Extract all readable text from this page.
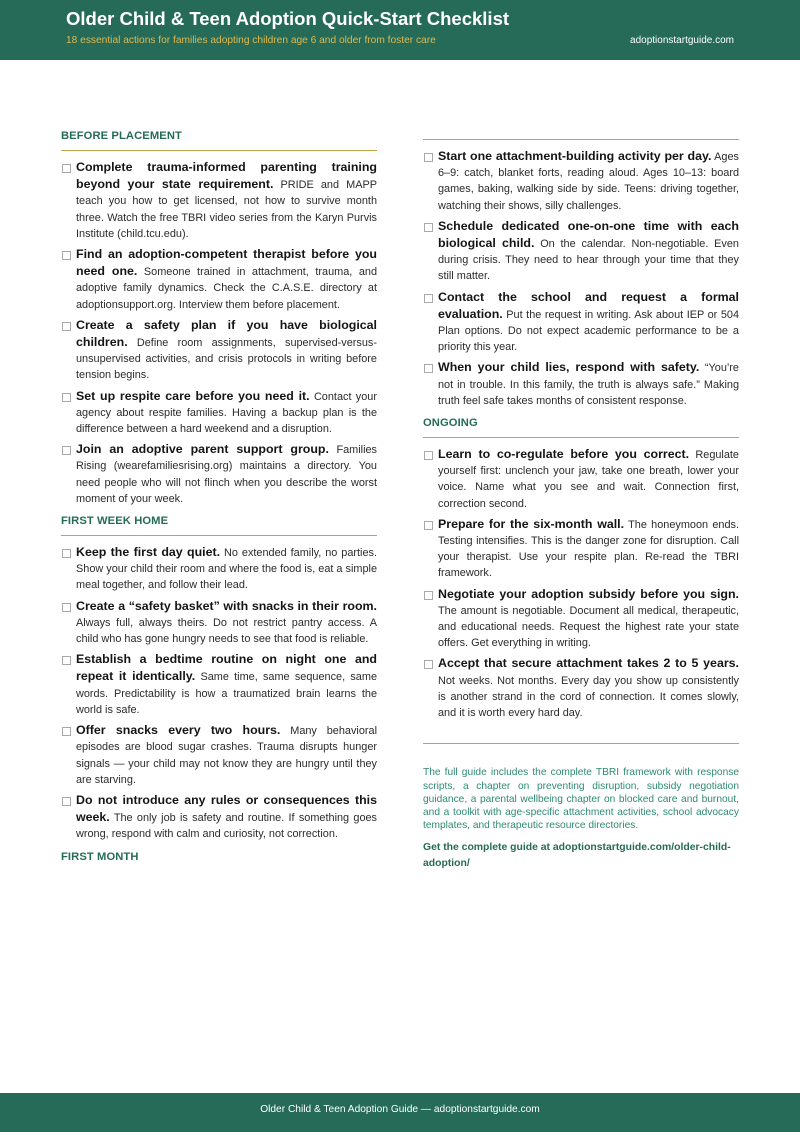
Older Child & Teen Adoption Quick-Start Checklist
18 essential actions for families adopting children age 6 and older from foster care	adoptionstartguide.com
BEFORE PLACEMENT
Complete trauma-informed parenting training beyond your state requirement. PRIDE and MAPP teach you how to get licensed, not how to survive month three. Watch the free TBRI video series from the Karyn Purvis Institute (child.tcu.edu).
Find an adoption-competent therapist before you need one. Someone trained in attachment, trauma, and adoptive family dynamics. Check the C.A.S.E. directory at adoptionsupport.org. Interview them before placement.
Create a safety plan if you have biological children. Define room assignments, supervised-versus-unsupervised activities, and crisis protocols in writing before tension begins.
Set up respite care before you need it. Contact your agency about respite families. Having a backup plan is the difference between a hard weekend and a disruption.
Join an adoptive parent support group. Families Rising (wearefamiliesrising.org) maintains a directory. You need people who will not flinch when you describe the worst moment of your week.
FIRST WEEK HOME
Keep the first day quiet. No extended family, no parties. Show your child their room and where the food is, eat a simple meal together, and follow their lead.
Create a “safety basket” with snacks in their room. Always full, always theirs. Do not restrict pantry access. A child who has gone hungry needs to see that food is reliable.
Establish a bedtime routine on night one and repeat it identically. Same time, same sequence, same words. Predictability is how a traumatized brain learns the world is safe.
Offer snacks every two hours. Many behavioral episodes are blood sugar crashes. Trauma disrupts hunger signals — your child may not know they are hungry until they are starving.
Do not introduce any rules or consequences this week. The only job is safety and routine. If something goes wrong, respond with calm and curiosity, not correction.
FIRST MONTH
Start one attachment-building activity per day. Ages 6–9: catch, blanket forts, reading aloud. Ages 10–13: board games, baking, walking side by side. Teens: driving together, watching their shows, silly challenges.
Schedule dedicated one-on-one time with each biological child. On the calendar. Non-negotiable. Even during crisis. They need to hear through your time that they still matter.
Contact the school and request a formal evaluation. Put the request in writing. Ask about IEP or 504 Plan options. Do not expect academic performance to be a priority this year.
When your child lies, respond with safety. “You’re not in trouble. In this family, the truth is always safe.” Making truth feel safe takes months of consistent response.
ONGOING
Learn to co-regulate before you correct. Regulate yourself first: unclench your jaw, take one breath, lower your voice. Name what you see and wait. Connection first, correction second.
Prepare for the six-month wall. The honeymoon ends. Testing intensifies. This is the danger zone for disruption. Call your therapist. Use your respite plan. Re-read the TBRI framework.
Negotiate your adoption subsidy before you sign. The amount is negotiable. Document all medical, therapeutic, and educational needs. Request the highest rate your state offers. Get everything in writing.
Accept that secure attachment takes 2 to 5 years. Not weeks. Not months. Every day you show up consistently is another strand in the cord of connection. It comes slowly, and it is worth every hard day.
The full guide includes the complete TBRI framework with response scripts, a chapter on preventing disruption, subsidy negotiation guidance, a parental wellbeing chapter on blocked care and burnout, and a toolkit with age-specific attachment activities, school advocacy templates, and therapeutic resource directories.
Get the complete guide at adoptionstartguide.com/older-child-adoption/
Older Child & Teen Adoption Guide — adoptionstartguide.com
